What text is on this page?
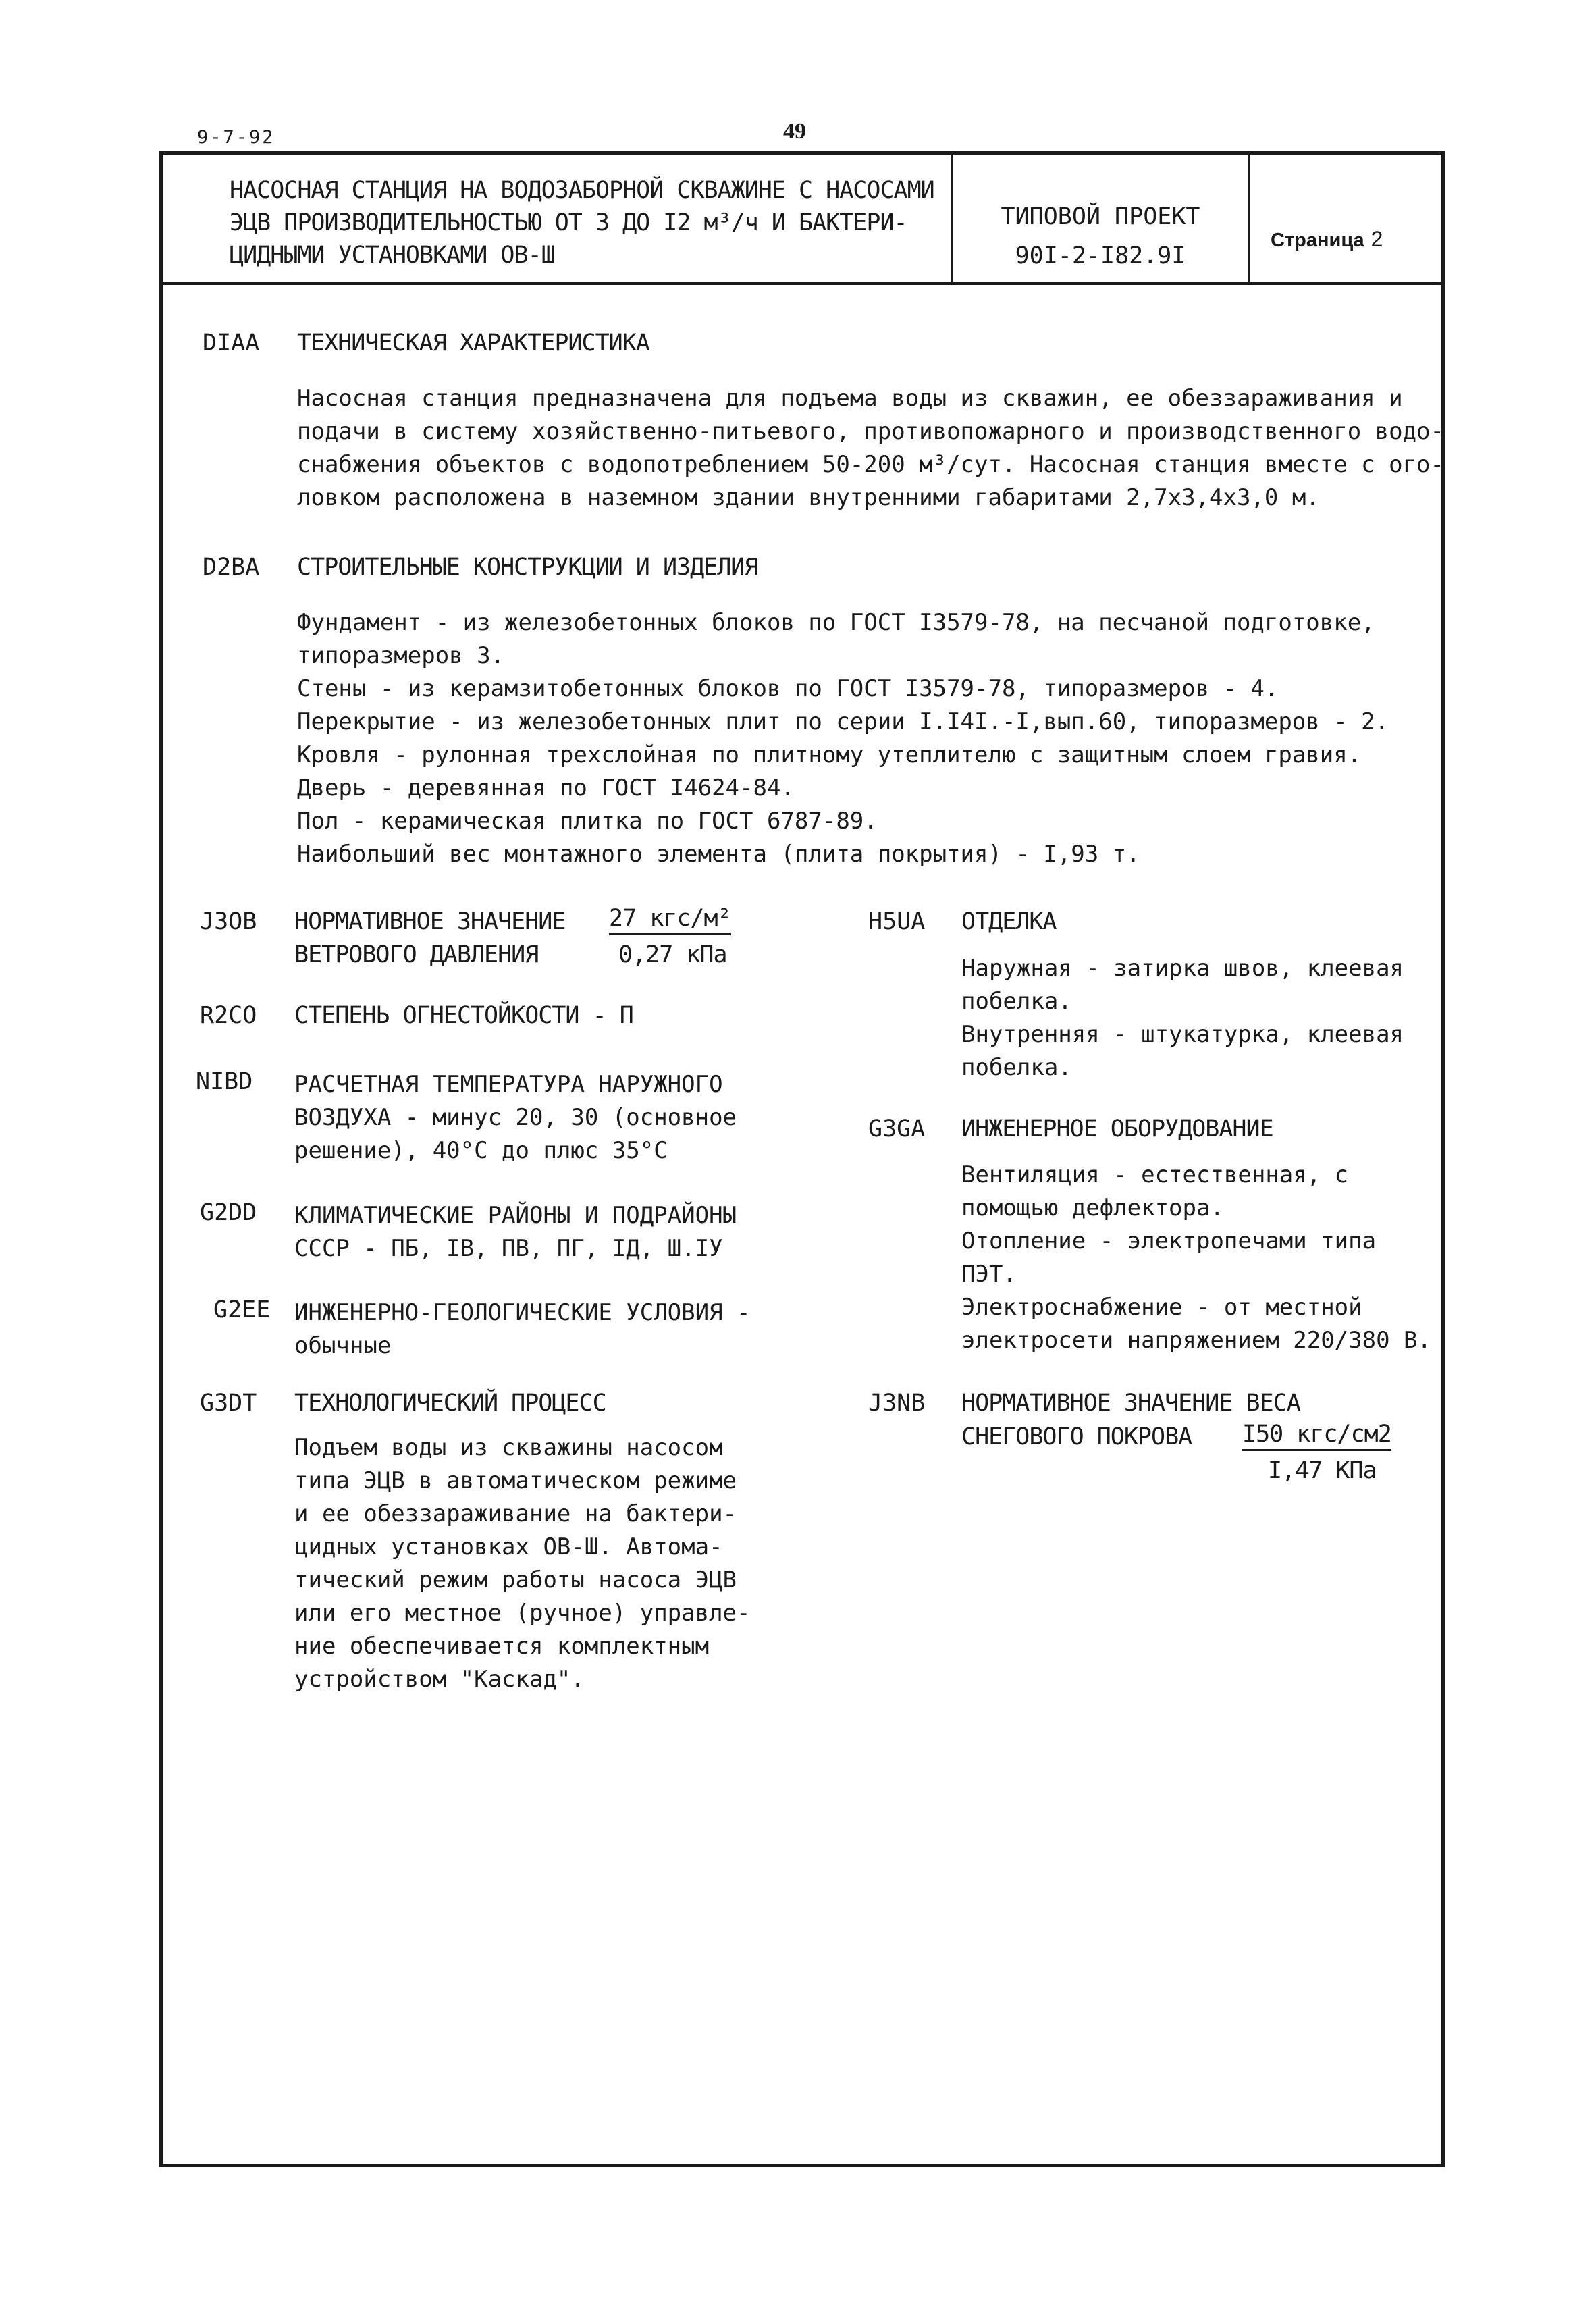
9-7-92	49
НАСОСНАЯ СТАНЦИЯ НА ВОДОЗАБОРНОЙ СКВАЖИНЕ С НАСОСАМИ
ЭЦВ ПРОИЗВОДИТЕЛЬНОСТЬЮ ОТ 3 ДО I2 м³/ч И БАКТЕРИ-
ЦИДНЫМИ УСТАНОВКАМИ ОВ-Ш
ТИПОВОЙ ПРОЕКТ
90I-2-I82.9I
Страница 2
DIAA ТЕХНИЧЕСКАЯ ХАРАКТЕРИСТИКА
Насосная станция предназначена для подъема воды из скважин, ее обеззараживания и
подачи в систему хозяйственно-питьевого, противопожарного и производственного водо-
снабжения объектов с водопотреблением 50-200 м³/сут. Насосная станция вместе с ого-
ловком расположена в наземном здании внутренними габаритами 2,7х3,4х3,0 м.
D2BA СТРОИТЕЛЬНЫЕ КОНСТРУКЦИИ И ИЗДЕЛИЯ
Фундамент - из железобетонных блоков по ГОСТ I3579-78, на песчаной подготовке,
типоразмеров 3.
Стены - из керамзитобетонных блоков по ГОСТ I3579-78, типоразмеров - 4.
Перекрытие - из железобетонных плит по серии I.I4I.-I,вып.60, типоразмеров - 2.
Кровля - рулонная трехслойная по плитному утеплителю с защитным слоем гравия.
Дверь - деревянная по ГОСТ I4624-84.
Пол - керамическая плитка по ГОСТ 6787-89.
Наибольший вес монтажного элемента (плита покрытия) - I,93 т.
J3OB НОРМАТИВНОЕ ЗНАЧЕНИЕ
ВЕТРОВОГО ДАВЛЕНИЯ
27 кгс/м²
0,27 кПа
R2CO СТЕПЕНЬ ОГНЕСТОЙКОСТИ - П
NIBD РАСЧЕТНАЯ ТЕМПЕРАТУРА НАРУЖНОГО
ВОЗДУХА - минус 20, 30 (основное
решение), 40°С до плюс 35°С
G2DD КЛИМАТИЧЕСКИЕ РАЙОНЫ И ПОДРАЙОНЫ
СССР - ПБ, IВ, ПВ, ПГ, IД, Ш.IУ
G2EE ИНЖЕНЕРНО-ГЕОЛОГИЧЕСКИЕ УСЛОВИЯ -
обычные
G3DT ТЕХНОЛОГИЧЕСКИЙ ПРОЦЕСС
Подъем воды из скважины насосом
типа ЭЦВ в автоматическом режиме
и ее обеззараживание на бактери-
цидных установках ОВ-Ш. Автома-
тический режим работы насоса ЭЦВ
или его местное (ручное) управле-
ние обеспечивается комплектным
устройством "Каскад".
H5UA ОТДЕЛКА
Наружная - затирка швов, клеевая
побелка.
Внутренняя - штукатурка, клеевая
побелка.
G3GA ИНЖЕНЕРНОЕ ОБОРУДОВАНИЕ
Вентиляция - естественная, с
помощью дефлектора.
Отопление - электропечами типа
ПЭТ.
Электроснабжение - от местной
электросети напряжением 220/380 В.
J3NB НОРМАТИВНОЕ ЗНАЧЕНИЕ ВЕСА
СНЕГОВОГО ПОКРОВА I50 кгс/см2
I,47 КПа
